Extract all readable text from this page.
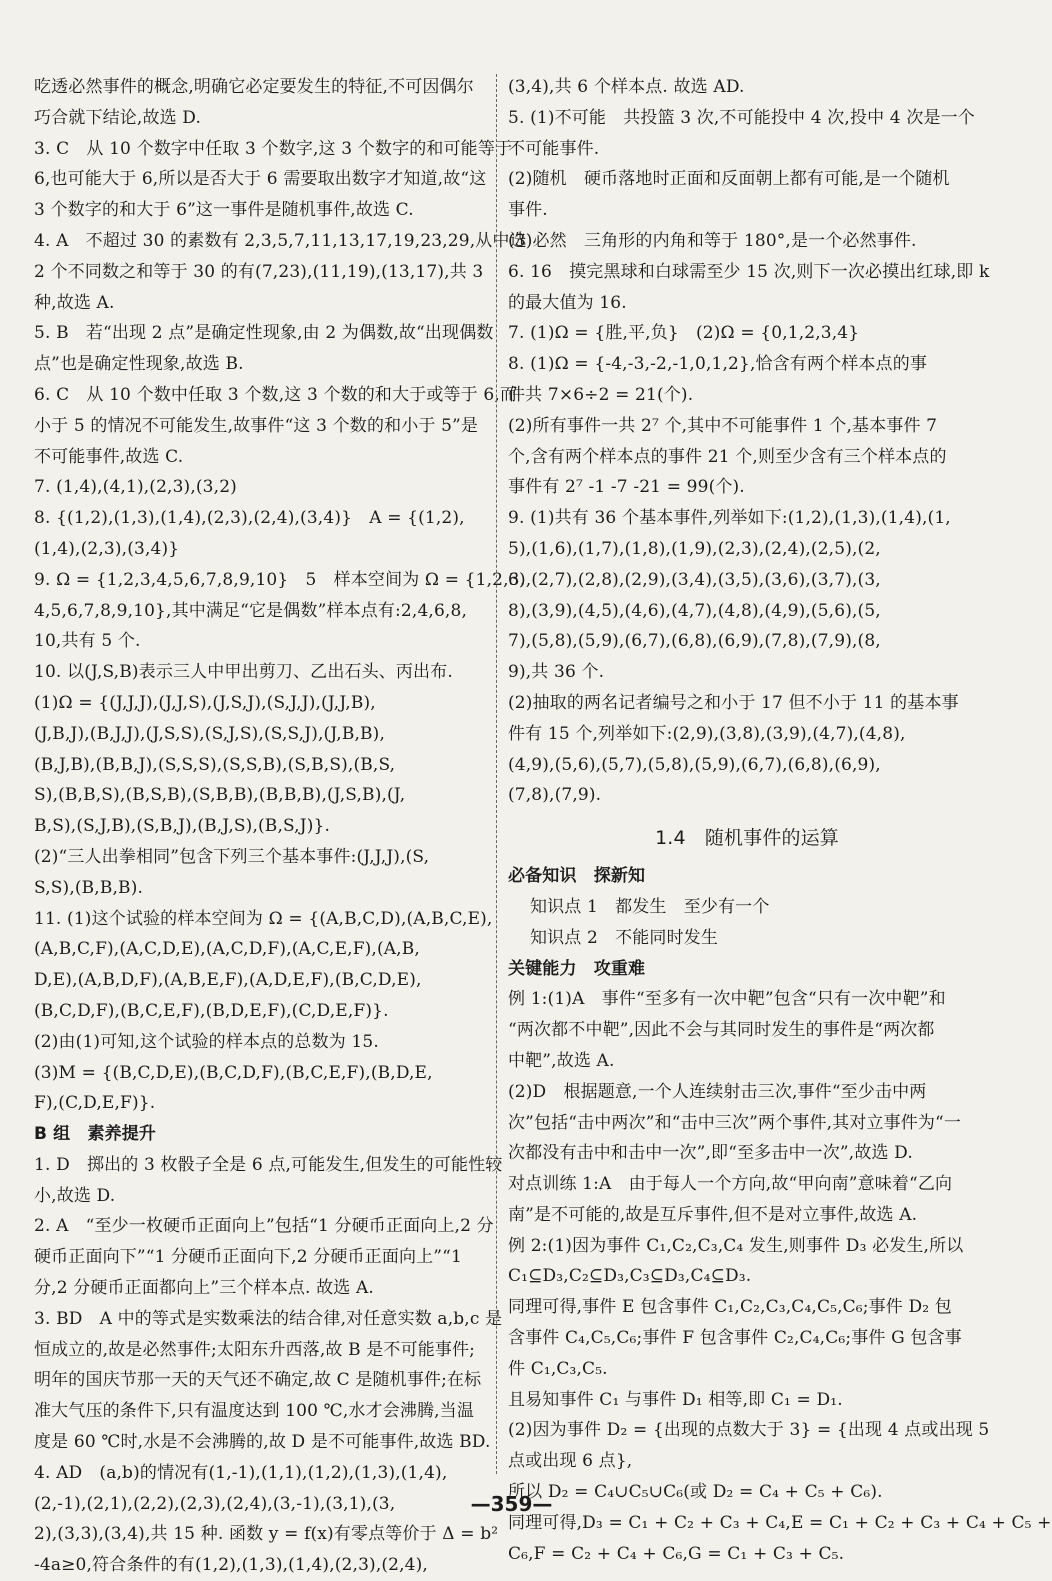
吃透必然事件的概念,明确它必定要发生的特征,不可因偶尔
巧合就下结论,故选 D.
3. C　从 10 个数字中任取 3 个数字,这 3 个数字的和可能等于
6,也可能大于 6,所以是否大于 6 需要取出数字才知道,故“这
3 个数字的和大于 6”这一事件是随机事件,故选 C.
4. A　不超过 30 的素数有 2,3,5,7,11,13,17,19,23,29,从中选
2 个不同数之和等于 30 的有(7,23),(11,19),(13,17),共 3
种,故选 A.
5. B　若“出现 2 点”是确定性现象,由 2 为偶数,故“出现偶数
点”也是确定性现象,故选 B.
6. C　从 10 个数中任取 3 个数,这 3 个数的和大于或等于 6,而
小于 5 的情况不可能发生,故事件“这 3 个数的和小于 5”是
不可能事件,故选 C.
7. (1,4),(4,1),(2,3),(3,2)
8. {(1,2),(1,3),(1,4),(2,3),(2,4),(3,4)}　A = {(1,2),
(1,4),(2,3),(3,4)}
9. Ω = {1,2,3,4,5,6,7,8,9,10}　5　样本空间为 Ω = {1,2,3,
4,5,6,7,8,9,10},其中满足“它是偶数”样本点有:2,4,6,8,
10,共有 5 个.
10. 以(J,S,B)表示三人中甲出剪刀、乙出石头、丙出布.
(1)Ω = {(J,J,J),(J,J,S),(J,S,J),(S,J,J),(J,J,B),
(J,B,J),(B,J,J),(J,S,S),(S,J,S),(S,S,J),(J,B,B),
(B,J,B),(B,B,J),(S,S,S),(S,S,B),(S,B,S),(B,S,
S),(B,B,S),(B,S,B),(S,B,B),(B,B,B),(J,S,B),(J,
B,S),(S,J,B),(S,B,J),(B,J,S),(B,S,J)}.
(2)“三人出拳相同”包含下列三个基本事件:(J,J,J),(S,
S,S),(B,B,B).
11. (1)这个试验的样本空间为 Ω = {(A,B,C,D),(A,B,C,E),
(A,B,C,F),(A,C,D,E),(A,C,D,F),(A,C,E,F),(A,B,
D,E),(A,B,D,F),(A,B,E,F),(A,D,E,F),(B,C,D,E),
(B,C,D,F),(B,C,E,F),(B,D,E,F),(C,D,E,F)}.
(2)由(1)可知,这个试验的样本点的总数为 15.
(3)M = {(B,C,D,E),(B,C,D,F),(B,C,E,F),(B,D,E,
F),(C,D,E,F)}.
B 组　素养提升
1. D　掷出的 3 枚骰子全是 6 点,可能发生,但发生的可能性较
小,故选 D.
2. A　“至少一枚硬币正面向上”包括“1 分硬币正面向上,2 分
硬币正面向下”“1 分硬币正面向下,2 分硬币正面向上”“1
分,2 分硬币正面都向上”三个样本点. 故选 A.
3. BD　A 中的等式是实数乘法的结合律,对任意实数 a,b,c 是
恒成立的,故是必然事件;太阳东升西落,故 B 是不可能事件;
明年的国庆节那一天的天气还不确定,故 C 是随机事件;在标
准大气压的条件下,只有温度达到 100 ℃,水才会沸腾,当温
度是 60 ℃时,水是不会沸腾的,故 D 是不可能事件,故选 BD.
4. AD　(a,b)的情况有(1,-1),(1,1),(1,2),(1,3),(1,4),
(2,-1),(2,1),(2,2),(2,3),(2,4),(3,-1),(3,1),(3,
2),(3,3),(3,4),共 15 种. 函数 y = f(x)有零点等价于 Δ = b²
-4a≥0,符合条件的有(1,2),(1,3),(1,4),(2,3),(2,4),
(3,4),共 6 个样本点. 故选 AD.
5. (1)不可能　共投篮 3 次,不可能投中 4 次,投中 4 次是一个
不可能事件.
(2)随机　硬币落地时正面和反面朝上都有可能,是一个随机
事件.
(3)必然　三角形的内角和等于 180°,是一个必然事件.
6. 16　摸完黑球和白球需至少 15 次,则下一次必摸出红球,即 k
的最大值为 16.
7. (1)Ω = {胜,平,负}　(2)Ω = {0,1,2,3,4}
8. (1)Ω = {-4,-3,-2,-1,0,1,2},恰含有两个样本点的事
件共 7×6÷2 = 21(个).
(2)所有事件一共 2⁷ 个,其中不可能事件 1 个,基本事件 7
个,含有两个样本点的事件 21 个,则至少含有三个样本点的
事件有 2⁷ -1 -7 -21 = 99(个).
9. (1)共有 36 个基本事件,列举如下:(1,2),(1,3),(1,4),(1,
5),(1,6),(1,7),(1,8),(1,9),(2,3),(2,4),(2,5),(2,
6),(2,7),(2,8),(2,9),(3,4),(3,5),(3,6),(3,7),(3,
8),(3,9),(4,5),(4,6),(4,7),(4,8),(4,9),(5,6),(5,
7),(5,8),(5,9),(6,7),(6,8),(6,9),(7,8),(7,9),(8,
9),共 36 个.
(2)抽取的两名记者编号之和小于 17 但不小于 11 的基本事
件有 15 个,列举如下:(2,9),(3,8),(3,9),(4,7),(4,8),
(4,9),(5,6),(5,7),(5,8),(5,9),(6,7),(6,8),(6,9),
(7,8),(7,9).
1.4　随机事件的运算
必备知识　探新知
知识点 1　都发生　至少有一个
知识点 2　不能同时发生
关键能力　攻重难
例 1:(1)A　事件“至多有一次中靶”包含“只有一次中靶”和
“两次都不中靶”,因此不会与其同时发生的事件是“两次都
中靶”,故选 A.
(2)D　根据题意,一个人连续射击三次,事件“至少击中两
次”包括“击中两次”和“击中三次”两个事件,其对立事件为“一
次都没有击中和击中一次”,即“至多击中一次”,故选 D.
对点训练 1:A　由于每人一个方向,故“甲向南”意味着“乙向
南”是不可能的,故是互斥事件,但不是对立事件,故选 A.
例 2:(1)因为事件 C₁,C₂,C₃,C₄ 发生,则事件 D₃ 必发生,所以
C₁⊆D₃,C₂⊆D₃,C₃⊆D₃,C₄⊆D₃.
同理可得,事件 E 包含事件 C₁,C₂,C₃,C₄,C₅,C₆;事件 D₂ 包
含事件 C₄,C₅,C₆;事件 F 包含事件 C₂,C₄,C₆;事件 G 包含事
件 C₁,C₃,C₅.
且易知事件 C₁ 与事件 D₁ 相等,即 C₁ = D₁.
(2)因为事件 D₂ = {出现的点数大于 3} = {出现 4 点或出现 5
点或出现 6 点},
所以 D₂ = C₄∪C₅∪C₆(或 D₂ = C₄ + C₅ + C₆).
同理可得,D₃ = C₁ + C₂ + C₃ + C₄,E = C₁ + C₂ + C₃ + C₄ + C₅ +
C₆,F = C₂ + C₄ + C₆,G = C₁ + C₃ + C₅.
—359—
